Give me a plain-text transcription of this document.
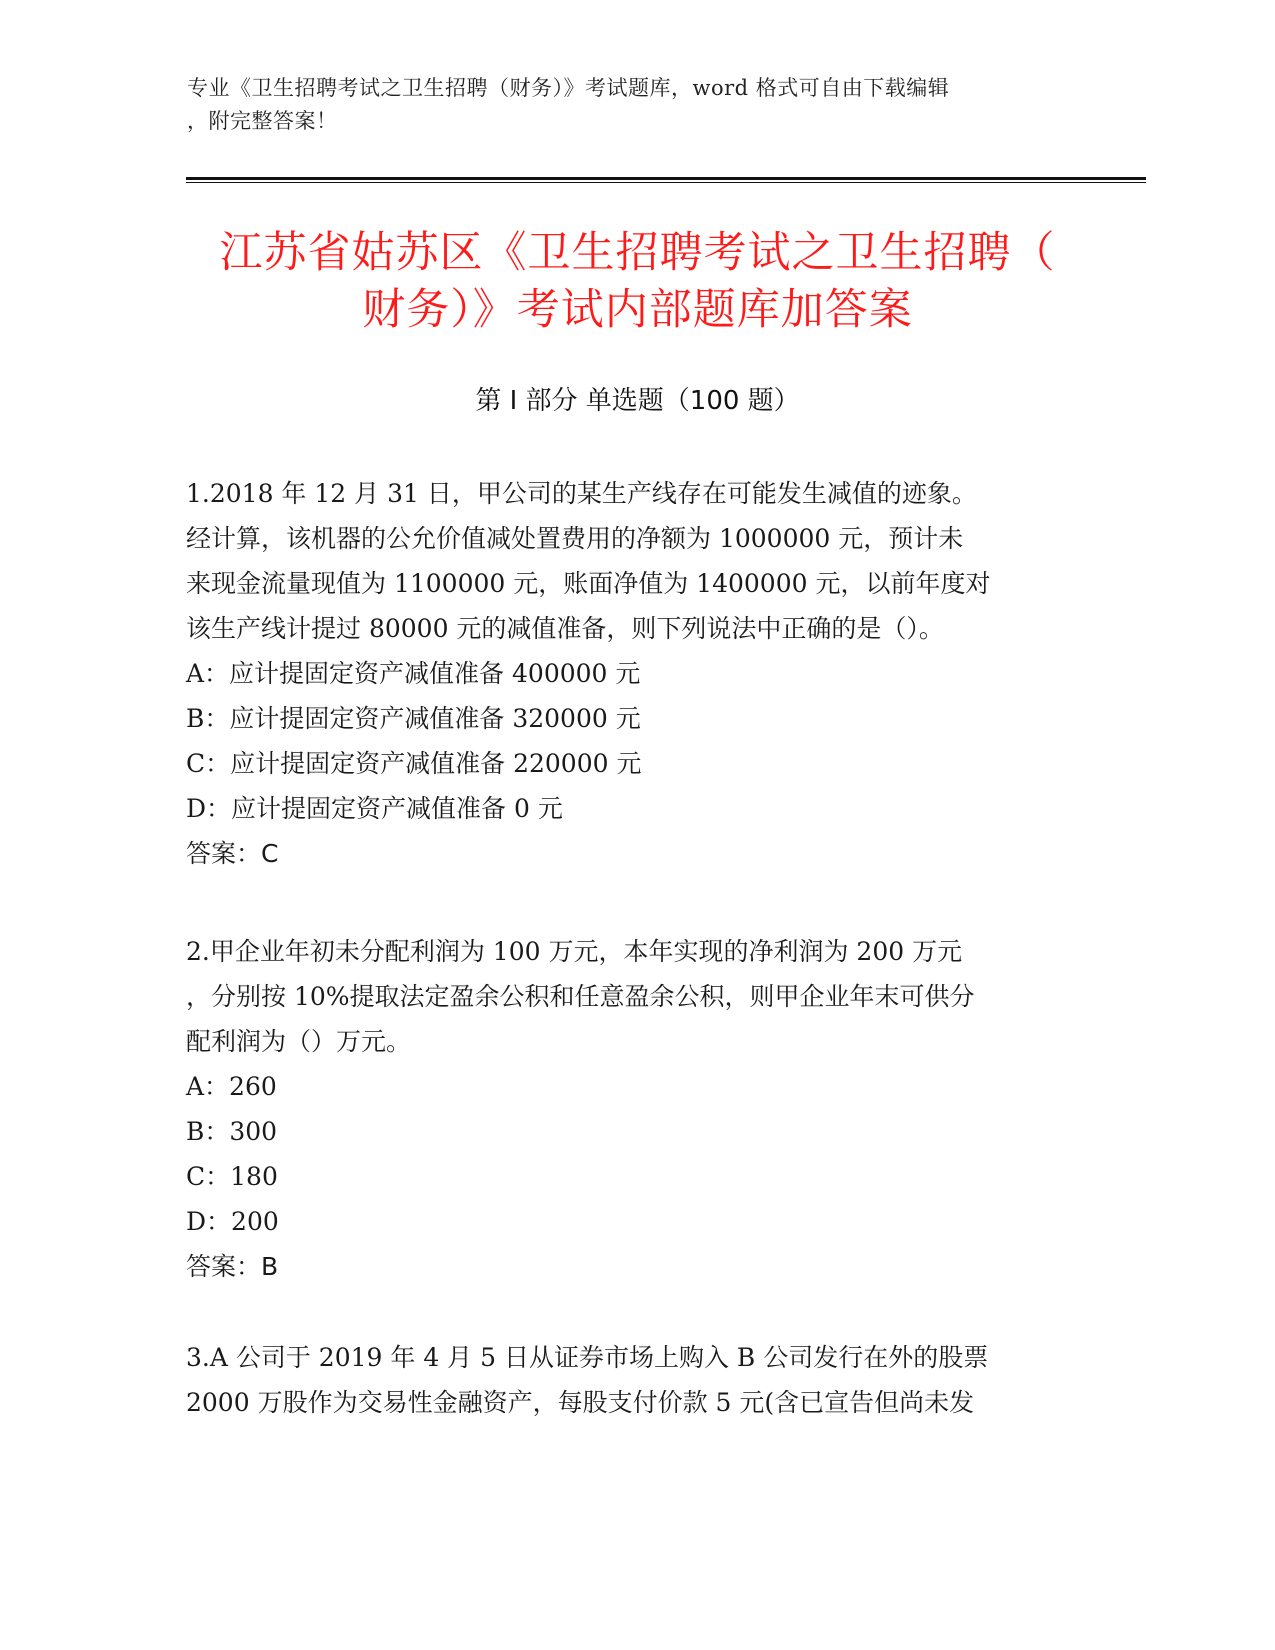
专业《卫生招聘考试之卫生招聘（财务）》考试题库，word 格式可自由下载编辑
，附完整答案！
江苏省姑苏区《卫生招聘考试之卫生招聘（
财务）》考试内部题库加答案
第 I 部分 单选题（100 题）
1.2018 年 12 月 31 日，甲公司的某生产线存在可能发生减值的迹象。
经计算，该机器的公允价值减处置费用的净额为 1000000 元，预计未
来现金流量现值为 1100000 元，账面净值为 1400000 元，以前年度对
该生产线计提过 80000 元的减值准备，则下列说法中正确的是（）。
A：应计提固定资产减值准备 400000 元
B：应计提固定资产减值准备 320000 元
C：应计提固定资产减值准备 220000 元
D：应计提固定资产减值准备 0 元
答案：C
2.甲企业年初未分配利润为 100 万元，本年实现的净利润为 200 万元
，分别按 10%提取法定盈余公积和任意盈余公积，则甲企业年末可供分
配利润为（）万元。
A：260
B：300
C：180
D：200
答案：B
3.A 公司于 2019 年 4 月 5 日从证券市场上购入 B 公司发行在外的股票
2000 万股作为交易性金融资产，每股支付价款 5 元(含已宣告但尚未发
